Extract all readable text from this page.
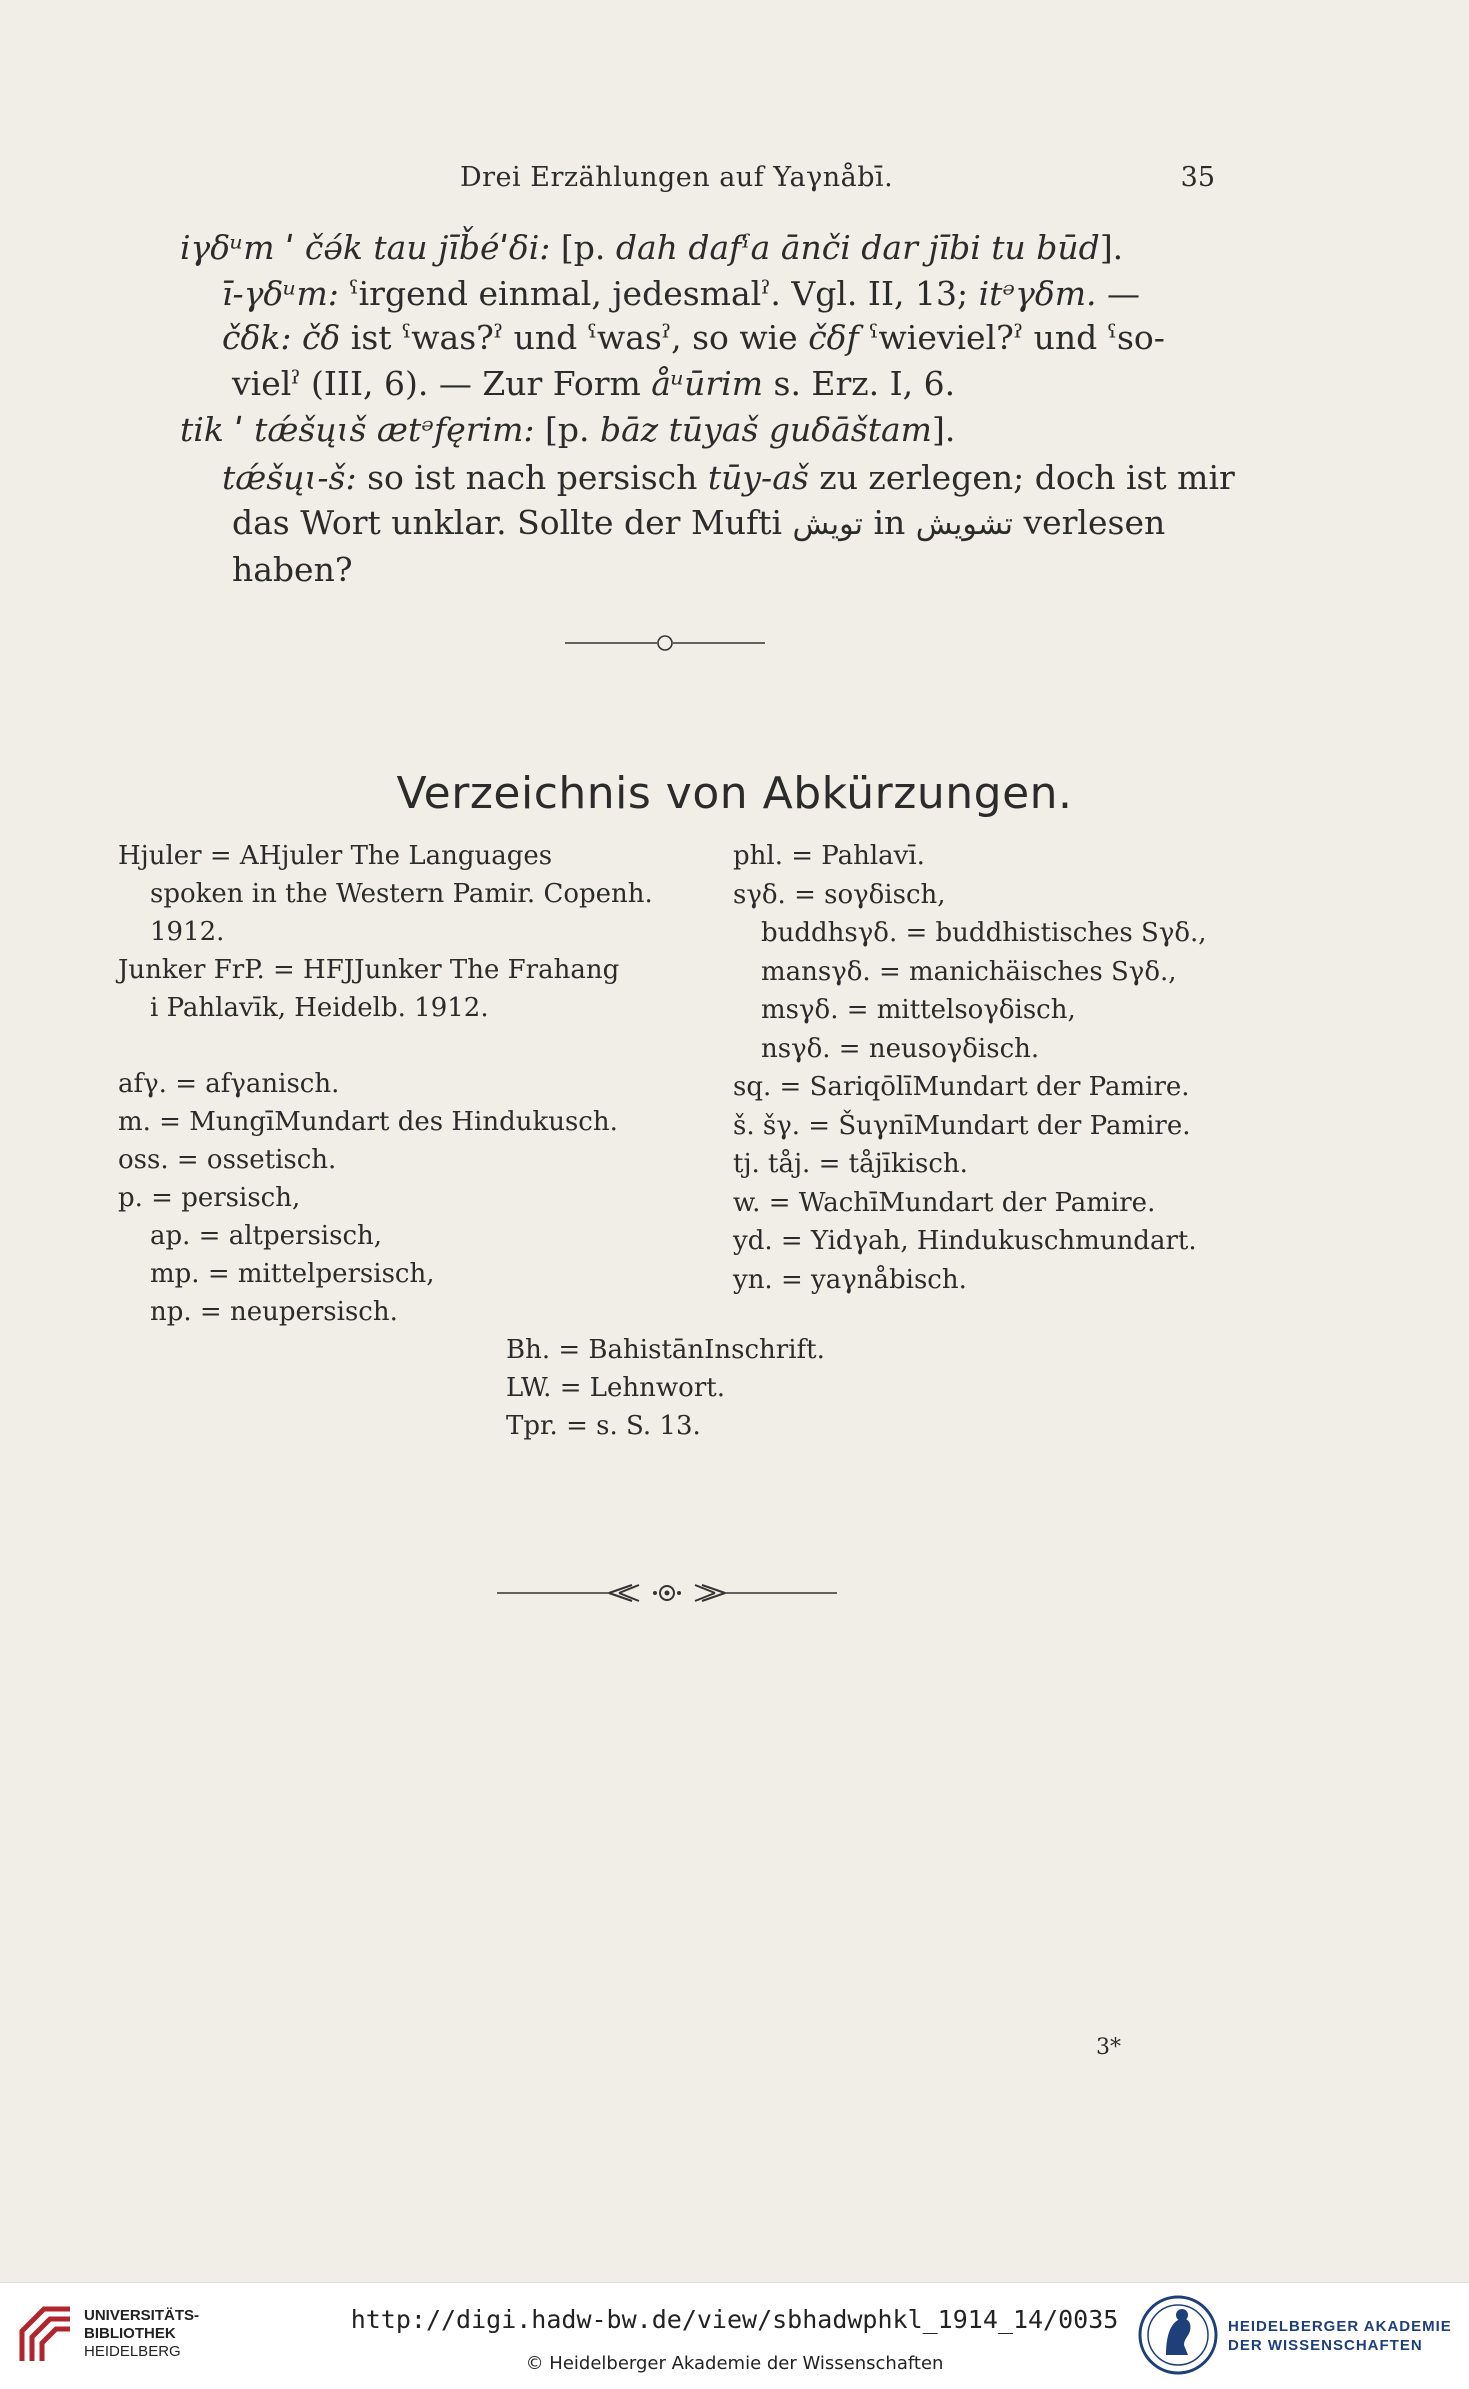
Drei Erzählungen auf Yaγnåbī.	35
iγδᵘm ˈ čə́k tau jīb̌éˈδi: [p. dah dafˁa ānči dar jībi tu būd].
ī-γδᵘm: ˁirgend einmal, jedesmalˀ. Vgl. II, 13; itᵊγδm. —
čδk: čδ ist ˁwas?ˀ und ˁwasˀ, so wie čδf ˁwieviel?ˀ und ˁso-
vielˀ (III, 6). — Zur Form åᵘūrim s. Erz. I, 6.
tik ˈ tǽšųɩš ætᵊfęrim: [p. bāz tūyaš guδāštam].
tǽšųɩ-š: so ist nach persisch tūy-aš zu zerlegen; doch ist mir
das Wort unklar. Sollte der Mufti تويش in تشويش verlesen
haben?
Verzeichnis von Abkürzungen.
Hjuler = AHjuler The Languages
spoken in the Western Pamir. Copenh.
1912.
Junker FrP. = HFJJunker The Frahang
i Pahlavīk, Heidelb. 1912.
afγ. = afγanisch.
m. = MungīMundart des Hindukusch.
oss. = ossetisch.
p. = persisch,
ap. = altpersisch,
mp. = mittelpersisch,
np. = neupersisch.
phl. = Pahlavī.
sγδ. = soγδisch,
buddhsγδ. = buddhistisches Sγδ.,
mansγδ. = manichäisches Sγδ.,
msγδ. = mittelsoγδisch,
nsγδ. = neusoγδisch.
sq. = SariqōlīMundart der Pamire.
š. šγ. = ŠuγnīMundart der Pamire.
tj. tåj. = tåjīkisch.
w. = WachīMundart der Pamire.
yd. = Yidγah, Hindukuschmundart.
yn. = yaγnåbisch.
Bh. = BahistānInschrift.
LW. = Lehnwort.
Tpr. = s. S. 13.
3*
UNIVERSITÄTS-
BIBLIOTHEK
HEIDELBERG
http://digi.hadw-bw.de/view/sbhadwphkl_1914_14/0035
© Heidelberger Akademie der Wissenschaften
HEIDELBERGER AKADEMIE
DER WISSENSCHAFTEN
